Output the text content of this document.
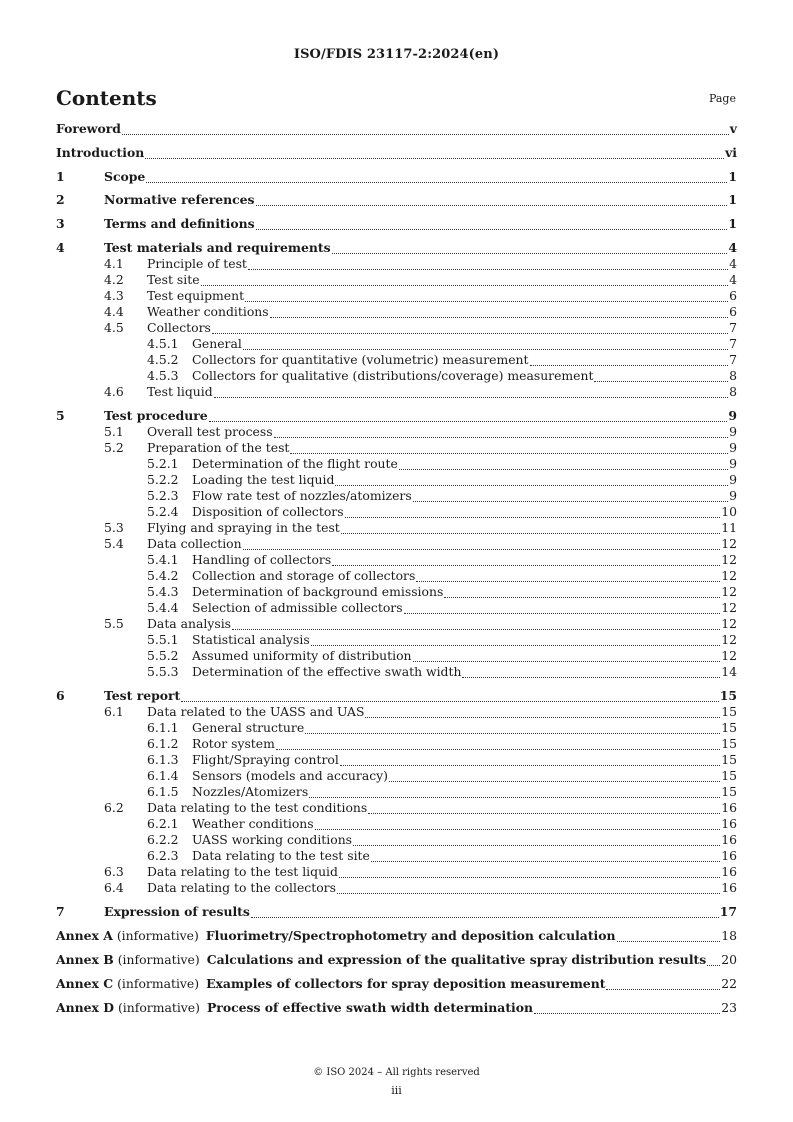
ISO/FDIS 23117-2:2024(en)
Contents	Page
Foreword	v
Introduction	vi
1	Scope	1
2	Normative references	1
3	Terms and definitions	1
4	Test materials and requirements	4
4.1 Principle of test	4
4.2 Test site	4
4.3 Test equipment	6
4.4 Weather conditions	6
4.5 Collectors	7
4.5.1 General	7
4.5.2 Collectors for quantitative (volumetric) measurement	7
4.5.3 Collectors for qualitative (distributions/coverage) measurement	8
4.6 Test liquid	8
5	Test procedure	9
5.1 Overall test process	9
5.2 Preparation of the test	9
5.2.1 Determination of the flight route	9
5.2.2 Loading the test liquid	9
5.2.3 Flow rate test of nozzles/atomizers	9
5.2.4 Disposition of collectors	10
5.3 Flying and spraying in the test	11
5.4 Data collection	12
5.4.1 Handling of collectors	12
5.4.2 Collection and storage of collectors	12
5.4.3 Determination of background emissions	12
5.4.4 Selection of admissible collectors	12
5.5 Data analysis	12
5.5.1 Statistical analysis	12
5.5.2 Assumed uniformity of distribution	12
5.5.3 Determination of the effective swath width	14
6	Test report	15
6.1 Data related to the UASS and UAS	15
6.1.1 General structure	15
6.1.2 Rotor system	15
6.1.3 Flight/Spraying control	15
6.1.4 Sensors (models and accuracy)	15
6.1.5 Nozzles/Atomizers	15
6.2 Data relating to the test conditions	16
6.2.1 Weather conditions	16
6.2.2 UASS working conditions	16
6.2.3 Data relating to the test site	16
6.3 Data relating to the test liquid	16
6.4 Data relating to the collectors	16
7	Expression of results	17
Annex A (informative) Fluorimetry/Spectrophotometry and deposition calculation	18
Annex B (informative) Calculations and expression of the qualitative spray distribution results 20
Annex C (informative) Examples of collectors for spray deposition measurement	22
Annex D (informative) Process of effective swath width determination	23
© ISO 2024 – All rights reserved
iii
